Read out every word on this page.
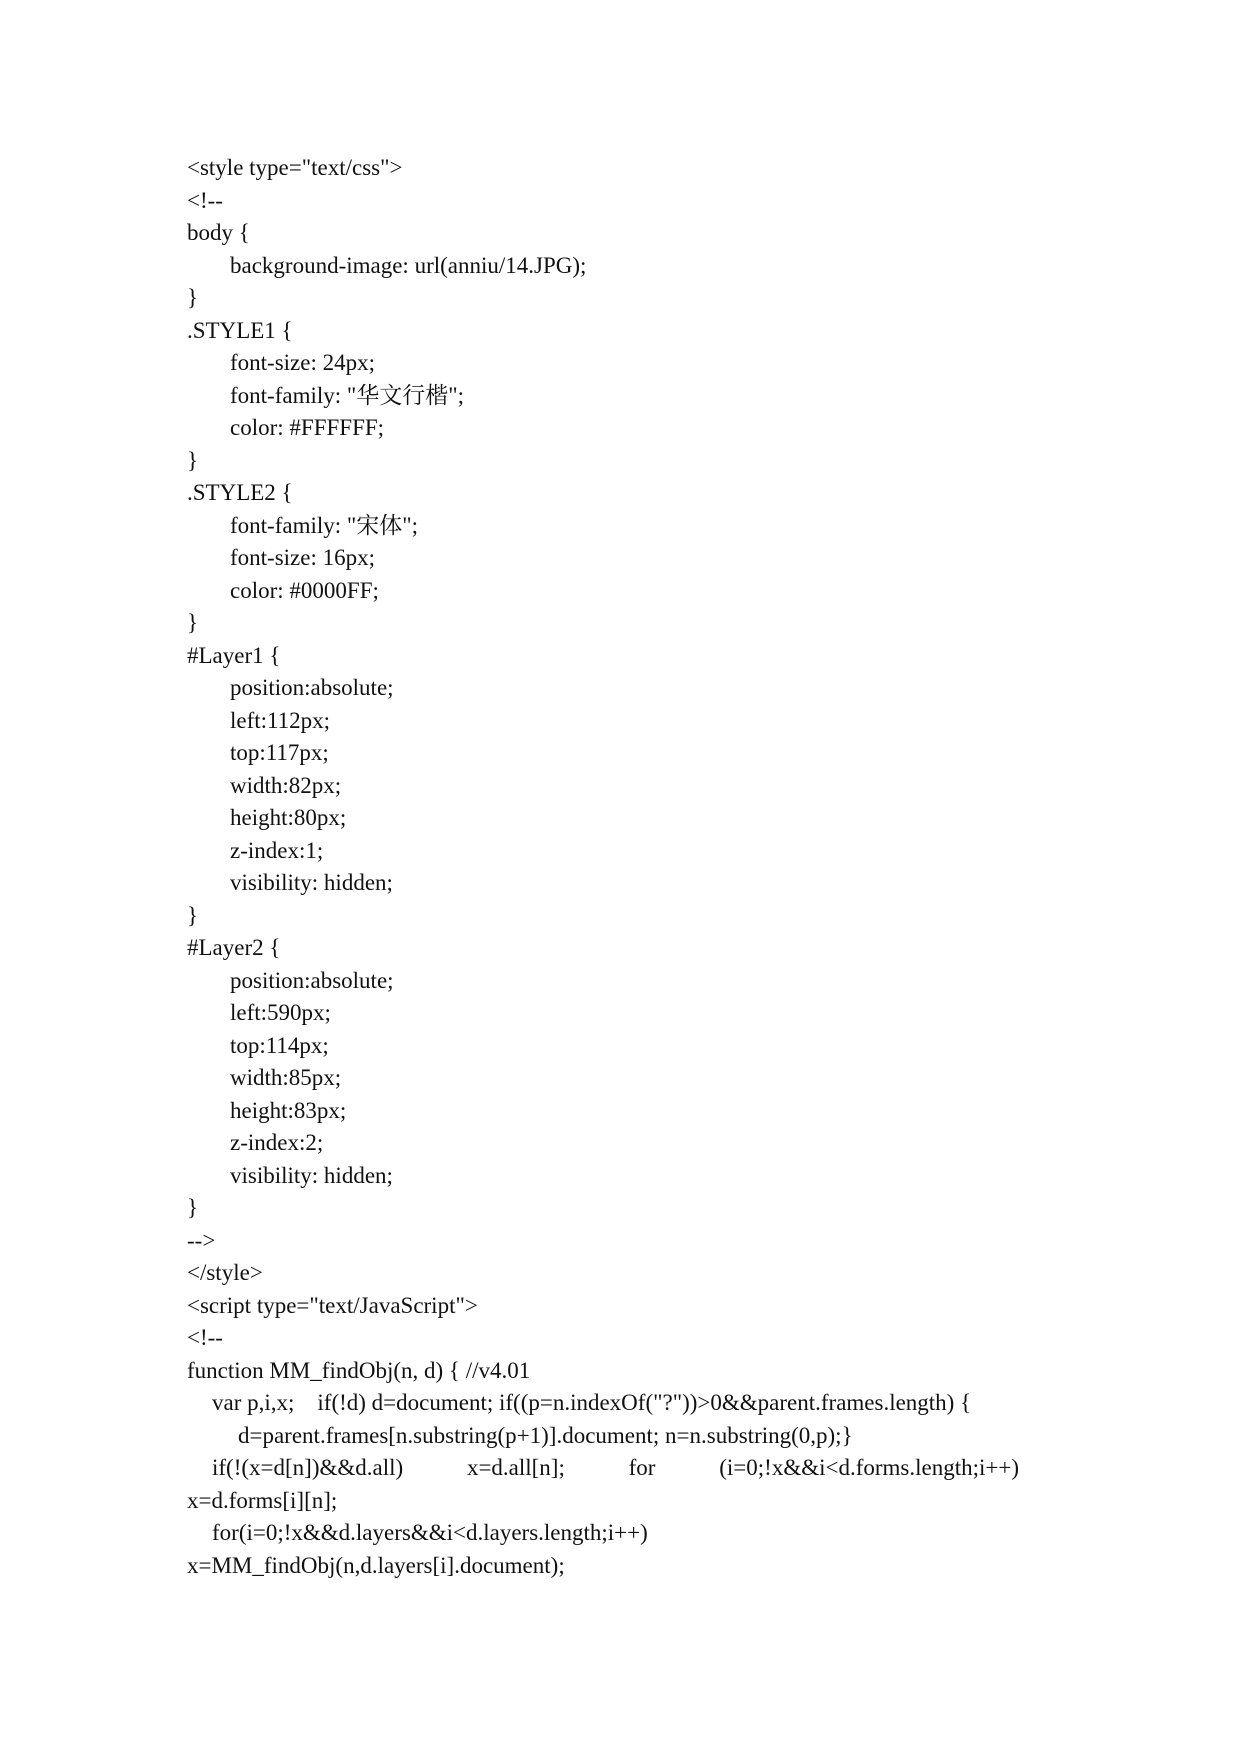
<style type="text/css">
<!--
body {
background-image: url(anniu/14.JPG);
}
.STYLE1 {
font-size: 24px;
font-family: "华文行楷";
color: #FFFFFF;
}
.STYLE2 {
font-family: "宋体";
font-size: 16px;
color: #0000FF;
}
#Layer1 {
position:absolute;
left:112px;
top:117px;
width:82px;
height:80px;
z-index:1;
visibility: hidden;
}
#Layer2 {
position:absolute;
left:590px;
top:114px;
width:85px;
height:83px;
z-index:2;
visibility: hidden;
}
-->
</style>
<script type="text/JavaScript">
<!--
function MM_findObj(n, d) { //v4.01
var p,i,x;    if(!d) d=document; if((p=n.indexOf("?"))>0&&parent.frames.length) {
d=parent.frames[n.substring(p+1)].document; n=n.substring(0,p);}
if(!(x=d[n])&&d.all)	x=d.all[n];	for	(i=0;!x&&i<d.forms.length;i++)
x=d.forms[i][n];
for(i=0;!x&&d.layers&&i<d.layers.length;i++)
x=MM_findObj(n,d.layers[i].document);
